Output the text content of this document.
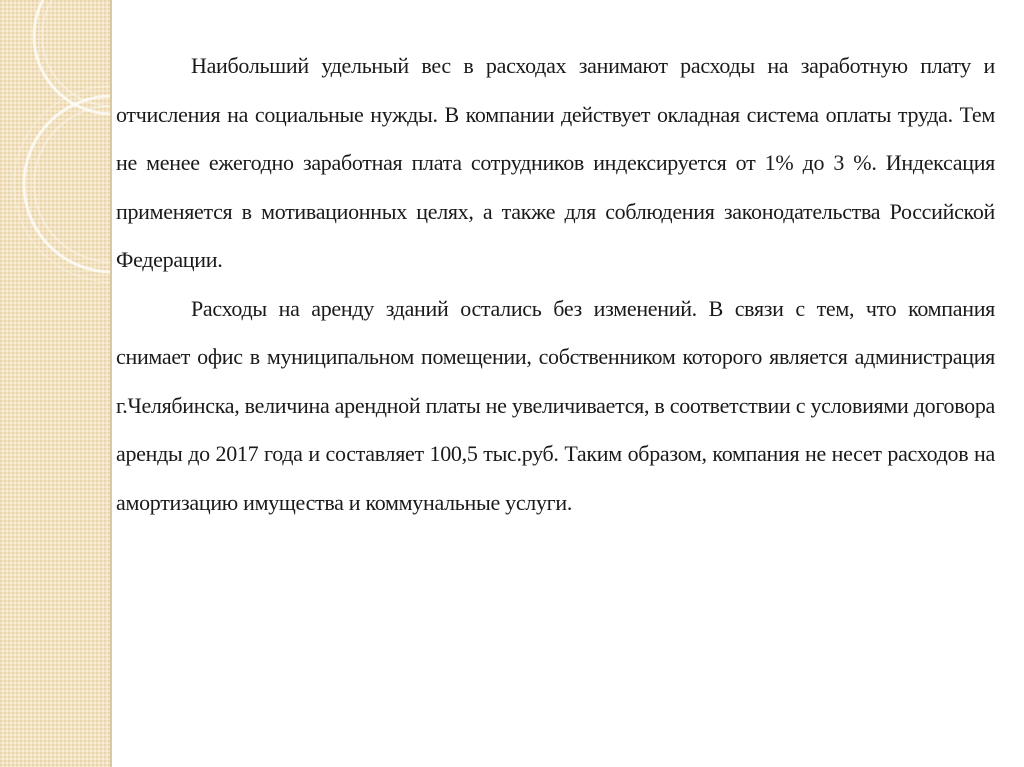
Наибольший удельный вес в расходах занимают расходы на заработную плату и отчисления на социальные нужды. В компании действует окладная система оплаты труда. Тем не менее ежегодно заработная плата сотрудников индексируется от 1% до 3 %. Индексация применяется в мотивационных целях, а также для соблюдения законодательства Российской Федерации.

Расходы на аренду зданий остались без изменений. В связи с тем, что компания снимает офис в муниципальном помещении, собственником которого является администрация г.Челябинска, величина арендной платы не увеличивается, в соответствии с условиями договора аренды до 2017 года и составляет 100,5 тыс.руб. Таким образом, компания не несет расходов на амортизацию имущества и коммунальные услуги.
